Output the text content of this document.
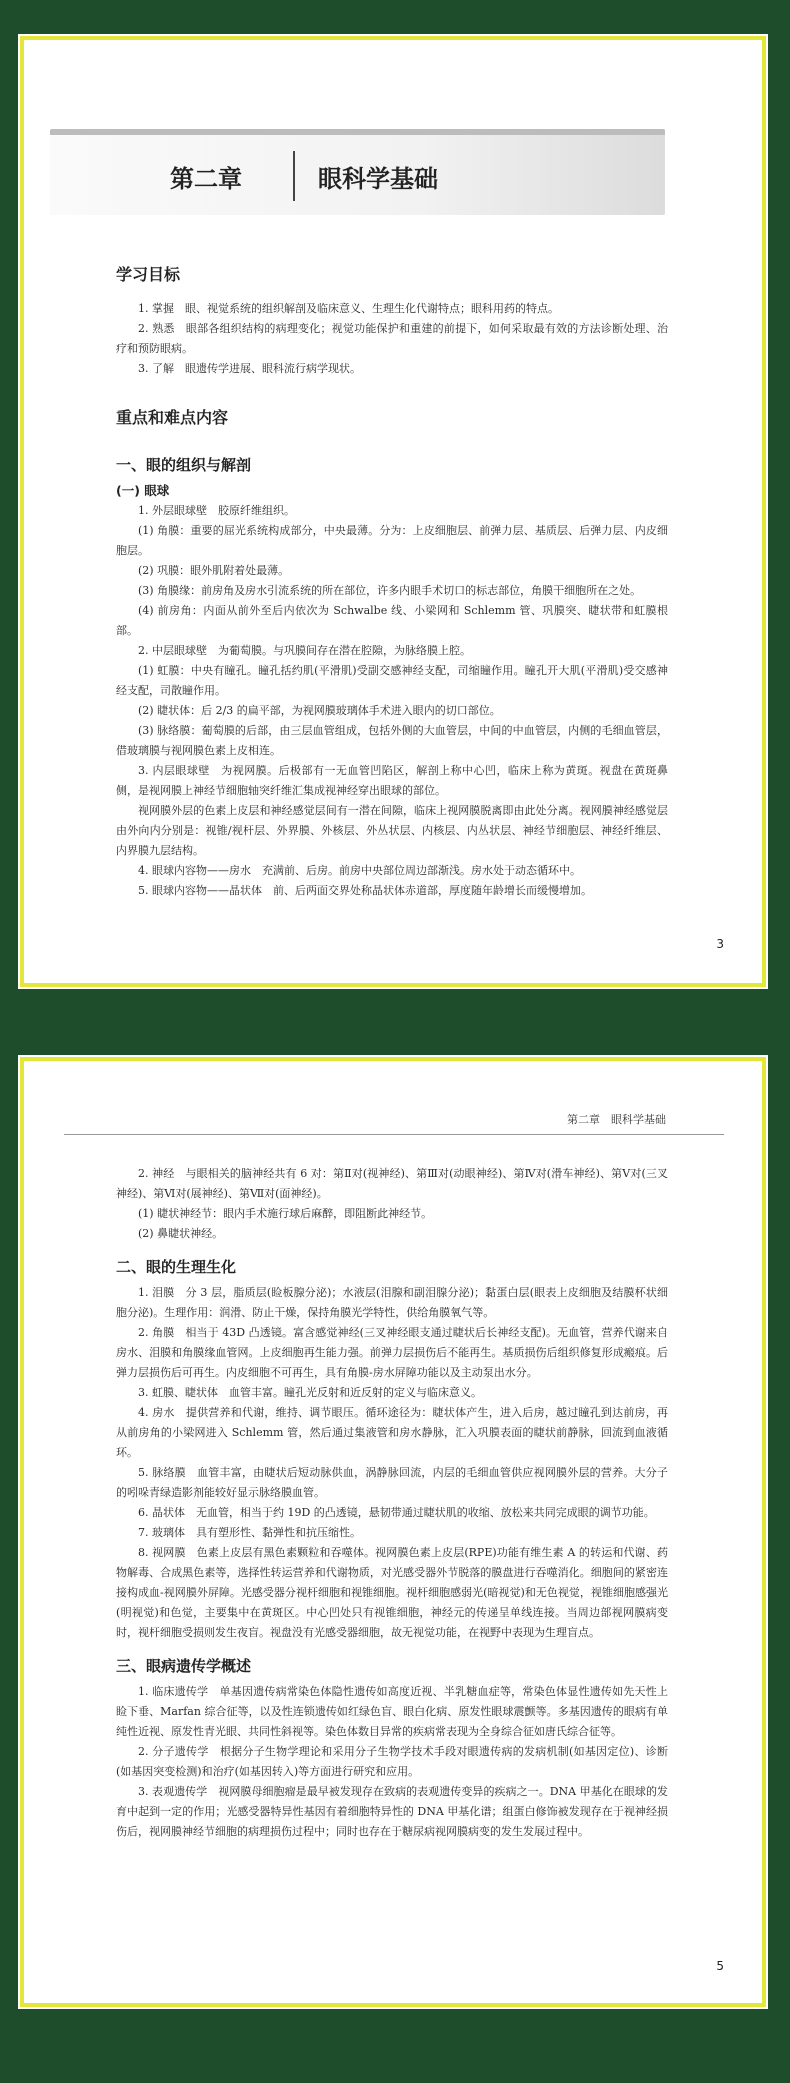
第二章	眼科学基础
学习目标

1. 掌握　眼、视觉系统的组织解剖及临床意义、生理生化代谢特点；眼科用药的特点。

2. 熟悉　眼部各组织结构的病理变化；视觉功能保护和重建的前提下，如何采取最有效的方法诊断处理、治疗和预防眼病。

3. 了解　眼遗传学进展、眼科流行病学现状。

重点和难点内容
一、眼的组织与解剖
(一) 眼球

1. 外层眼球壁　胶原纤维组织。

(1) 角膜：重要的屈光系统构成部分，中央最薄。分为：上皮细胞层、前弹力层、基质层、后弹力层、内皮细胞层。

(2) 巩膜：眼外肌附着处最薄。

(3) 角膜缘：前房角及房水引流系统的所在部位，许多内眼手术切口的标志部位，角膜干细胞所在之处。

(4) 前房角：内面从前外至后内依次为 Schwalbe 线、小梁网和 Schlemm 管、巩膜突、睫状带和虹膜根部。

2. 中层眼球壁　为葡萄膜。与巩膜间存在潜在腔隙，为脉络膜上腔。

(1) 虹膜：中央有瞳孔。瞳孔括约肌(平滑肌)受副交感神经支配，司缩瞳作用。瞳孔开大肌(平滑肌)受交感神经支配，司散瞳作用。

(2) 睫状体：后 2/3 的扁平部，为视网膜玻璃体手术进入眼内的切口部位。

(3) 脉络膜：葡萄膜的后部，由三层血管组成，包括外侧的大血管层，中间的中血管层，内侧的毛细血管层，借玻璃膜与视网膜色素上皮相连。

3. 内层眼球壁　为视网膜。后极部有一无血管凹陷区，解剖上称中心凹，临床上称为黄斑。视盘在黄斑鼻侧，是视网膜上神经节细胞轴突纤维汇集成视神经穿出眼球的部位。

视网膜外层的色素上皮层和神经感觉层间有一潜在间隙，临床上视网膜脱离即由此处分离。视网膜神经感觉层由外向内分别是：视锥/视杆层、外界膜、外核层、外丛状层、内核层、内丛状层、神经节细胞层、神经纤维层、内界膜九层结构。

4. 眼球内容物——房水　充满前、后房。前房中央部位周边部渐浅。房水处于动态循环中。

5. 眼球内容物——晶状体　前、后两面交界处称晶状体赤道部，厚度随年龄增长而缓慢增加。

3
第二章　眼科学基础

2. 神经　与眼相关的脑神经共有 6 对：第Ⅱ对(视神经)、第Ⅲ对(动眼神经)、第Ⅳ对(滑车神经)、第Ⅴ对(三叉神经)、第Ⅵ对(展神经)、第Ⅶ对(面神经)。

(1) 睫状神经节：眼内手术施行球后麻醉，即阻断此神经节。

(2) 鼻睫状神经。

二、眼的生理生化

1. 泪膜　分 3 层，脂质层(睑板腺分泌)；水液层(泪腺和副泪腺分泌)；黏蛋白层(眼表上皮细胞及结膜杯状细胞分泌)。生理作用：润滑、防止干燥，保持角膜光学特性，供给角膜氧气等。

2. 角膜　相当于 43D 凸透镜。富含感觉神经(三叉神经眼支通过睫状后长神经支配)。无血管，营养代谢来自房水、泪膜和角膜缘血管网。上皮细胞再生能力强。前弹力层损伤后不能再生。基质损伤后组织修复形成瘢痕。后弹力层损伤后可再生。内皮细胞不可再生，具有角膜-房水屏障功能以及主动泵出水分。

3. 虹膜、睫状体　血管丰富。瞳孔光反射和近反射的定义与临床意义。

4. 房水　提供营养和代谢，维持、调节眼压。循环途径为：睫状体产生，进入后房，越过瞳孔到达前房，再从前房角的小梁网进入 Schlemm 管，然后通过集液管和房水静脉，汇入巩膜表面的睫状前静脉，回流到血液循环。

5. 脉络膜　血管丰富，由睫状后短动脉供血，涡静脉回流，内层的毛细血管供应视网膜外层的营养。大分子的吲哚青绿造影剂能较好显示脉络膜血管。

6. 晶状体　无血管，相当于约 19D 的凸透镜，悬韧带通过睫状肌的收缩、放松来共同完成眼的调节功能。

7. 玻璃体　具有塑形性、黏弹性和抗压缩性。

8. 视网膜　色素上皮层有黑色素颗粒和吞噬体。视网膜色素上皮层(RPE)功能有维生素 A 的转运和代谢、药物解毒、合成黑色素等，选择性转运营养和代谢物质，对光感受器外节脱落的膜盘进行吞噬消化。细胞间的紧密连接构成血-视网膜外屏障。光感受器分视杆细胞和视锥细胞。视杆细胞感弱光(暗视觉)和无色视觉，视锥细胞感强光(明视觉)和色觉，主要集中在黄斑区。中心凹处只有视锥细胞，神经元的传递呈单线连接。当周边部视网膜病变时，视杆细胞受损则发生夜盲。视盘没有光感受器细胞，故无视觉功能，在视野中表现为生理盲点。

三、眼病遗传学概述

1. 临床遗传学　单基因遗传病常染色体隐性遗传如高度近视、半乳糖血症等，常染色体显性遗传如先天性上睑下垂、Marfan 综合征等，以及性连锁遗传如红绿色盲、眼白化病、原发性眼球震颤等。多基因遗传的眼病有单纯性近视、原发性青光眼、共同性斜视等。染色体数目异常的疾病常表现为全身综合征如唐氏综合征等。

2. 分子遗传学　根据分子生物学理论和采用分子生物学技术手段对眼遗传病的发病机制(如基因定位)、诊断(如基因突变检测)和治疗(如基因转入)等方面进行研究和应用。

3. 表观遗传学　视网膜母细胞瘤是最早被发现存在致病的表观遗传变异的疾病之一。DNA 甲基化在眼球的发育中起到一定的作用；光感受器特异性基因有着细胞特异性的 DNA 甲基化谱；组蛋白修饰被发现存在于视神经损伤后，视网膜神经节细胞的病理损伤过程中；同时也存在于糖尿病视网膜病变的发生发展过程中。

5
